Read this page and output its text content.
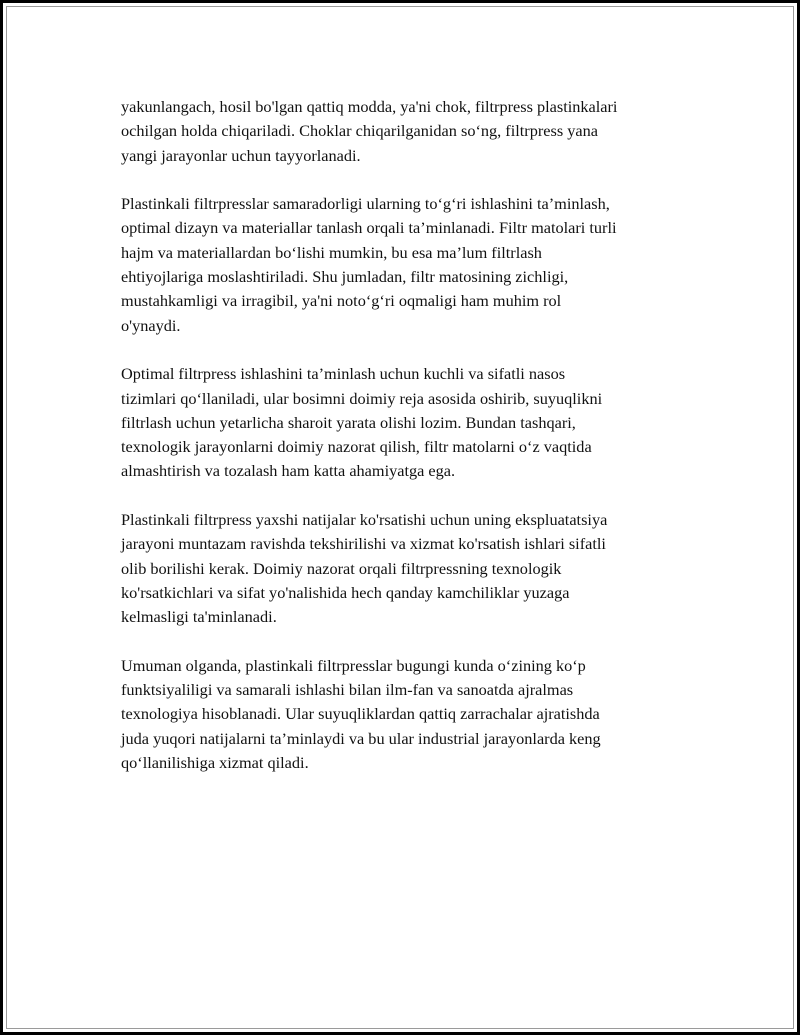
yakunlangach, hosil bo'lgan qattiq modda, ya'ni chok, filtrpress plastinkalari
ochilgan holda chiqariladi. Choklar chiqarilganidan so‘ng, filtrpress yana
yangi jarayonlar uchun tayyorlanadi.

Plastinkali filtrpresslar samaradorligi ularning to‘g‘ri ishlashini ta’minlash,
optimal dizayn va materiallar tanlash orqali ta’minlanadi. Filtr matolari turli
hajm va materiallardan bo‘lishi mumkin, bu esa ma’lum filtrlash
ehtiyojlariga moslashtiriladi. Shu jumladan, filtr matosining zichligi,
mustahkamligi va irragibil, ya'ni noto‘g‘ri oqmaligi ham muhim rol
o'ynaydi.

Optimal filtrpress ishlashini ta’minlash uchun kuchli va sifatli nasos
tizimlari qo‘llaniladi, ular bosimni doimiy reja asosida oshirib, suyuqlikni
filtrlash uchun yetarlicha sharoit yarata olishi lozim. Bundan tashqari,
texnologik jarayonlarni doimiy nazorat qilish, filtr matolarni o‘z vaqtida
almashtirish va tozalash ham katta ahamiyatga ega.

Plastinkali filtrpress yaxshi natijalar ko'rsatishi uchun uning ekspluatatsiya
jarayoni muntazam ravishda tekshirilishi va xizmat ko'rsatish ishlari sifatli
olib borilishi kerak. Doimiy nazorat orqali filtrpressning texnologik
ko'rsatkichlari va sifat yo'nalishida hech qanday kamchiliklar yuzaga
kelmasligi ta'minlanadi.

Umuman olganda, plastinkali filtrpresslar bugungi kunda o‘zining ko‘p
funktsiyaliligi va samarali ishlashi bilan ilm-fan va sanoatda ajralmas
texnologiya hisoblanadi. Ular suyuqliklardan qattiq zarrachalar ajratishda
juda yuqori natijalarni ta’minlaydi va bu ular industrial jarayonlarda keng
qo‘llanilishiga xizmat qiladi.
